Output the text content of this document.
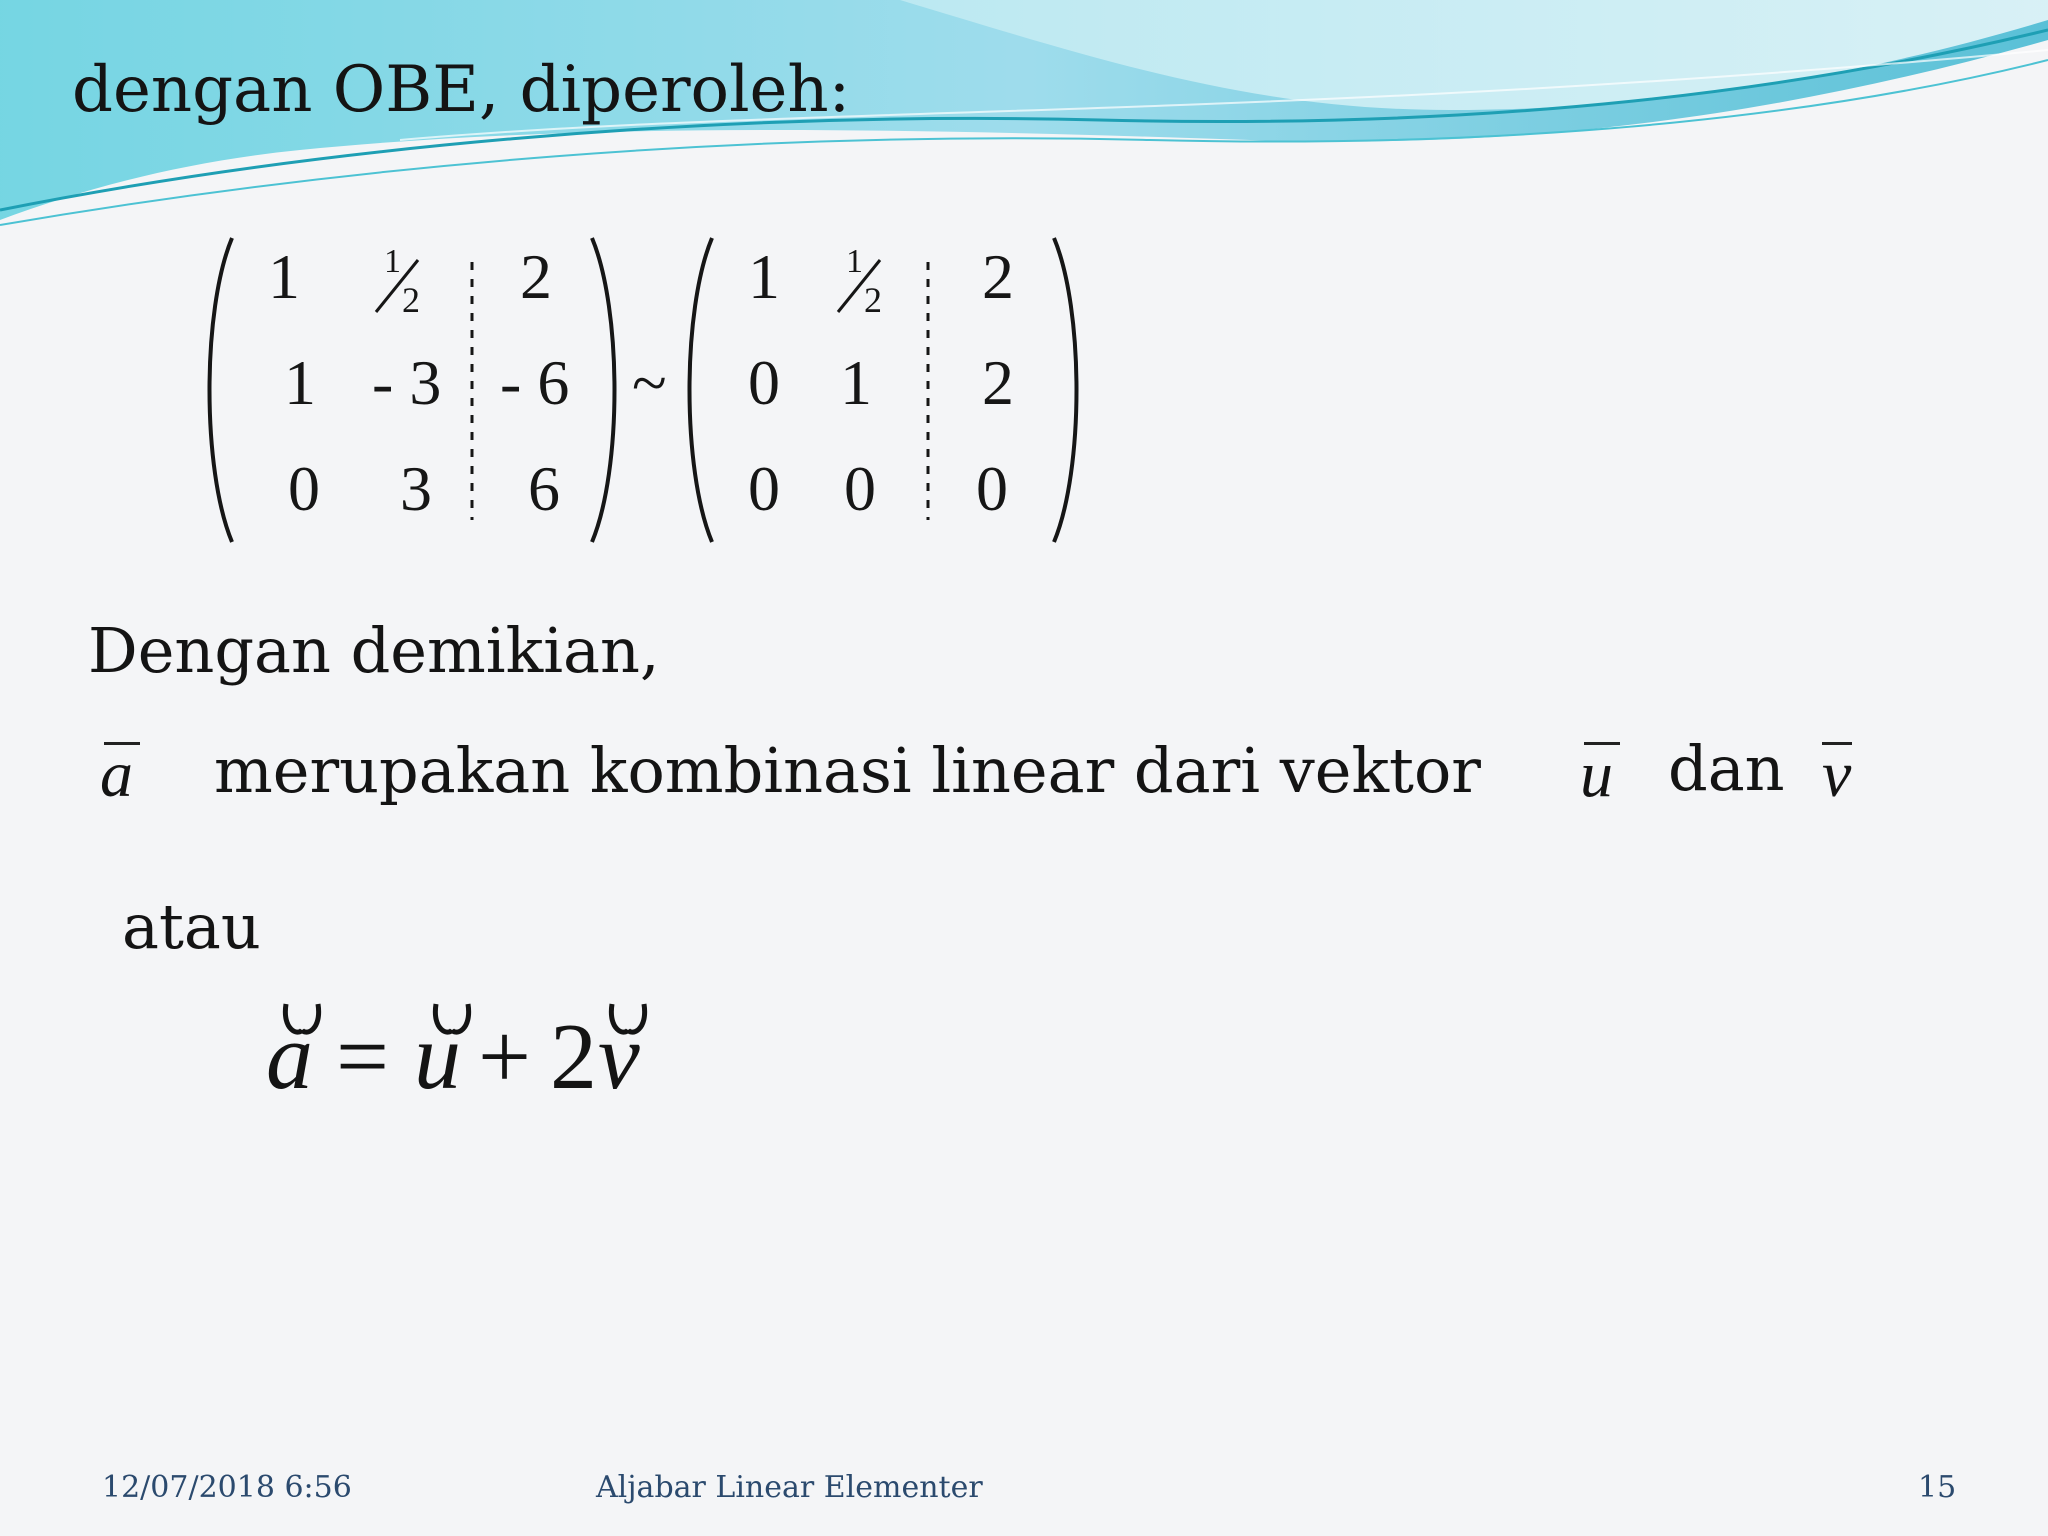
dengan OBE, diperoleh:
1 1
2 2
1 - 3 - 6
0 3 6
~
1 1
2 2
0 1 2
0 0 0
Dengan demikian,
a merupakan kombinasi linear dari vektor u dan v
atau
a = u + 2 v
12/07/2018 6:56	Aljabar Linear Elementer	15
